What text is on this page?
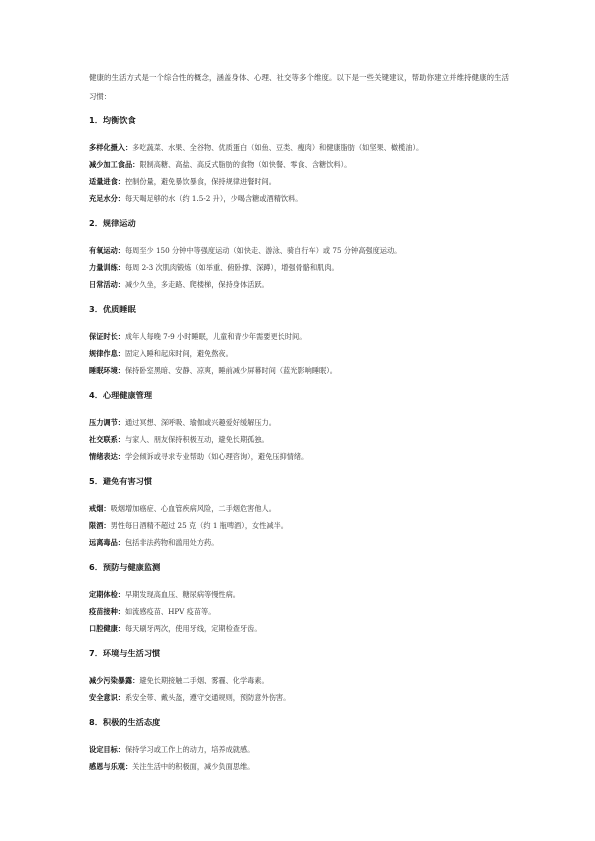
健康的生活方式是一个综合性的概念，涵盖身体、心理、社交等多个维度。以下是一些关键建议，帮助你建立并维持健康的生活习惯：

1．均衡饮食

多样化摄入：多吃蔬菜、水果、全谷物、优质蛋白（如鱼、豆类、瘦肉）和健康脂肪（如坚果、橄榄油）。

减少加工食品：限制高糖、高盐、高反式脂肪的食物（如快餐、零食、含糖饮料）。

适量进食：控制份量，避免暴饮暴食，保持规律进餐时间。

充足水分：每天喝足够的水（约 1.5-2 升），少喝含糖或酒精饮料。

2．规律运动

有氧运动：每周至少 150 分钟中等强度运动（如快走、游泳、骑自行车）或 75 分钟高强度运动。

力量训练：每周 2-3 次肌肉锻炼（如举重、俯卧撑、深蹲），增强骨骼和肌肉。

日常活动：减少久坐，多走路、爬楼梯，保持身体活跃。

3．优质睡眠

保证时长：成年人每晚 7-9 小时睡眠，儿童和青少年需要更长时间。

规律作息：固定入睡和起床时间，避免熬夜。

睡眠环境：保持卧室黑暗、安静、凉爽，睡前减少屏幕时间（蓝光影响睡眠）。

4．心理健康管理

压力调节：通过冥想、深呼吸、瑜伽或兴趣爱好缓解压力。

社交联系：与家人、朋友保持积极互动，避免长期孤独。

情绪表达：学会倾诉或寻求专业帮助（如心理咨询），避免压抑情绪。

5．避免有害习惯

戒烟：吸烟增加癌症、心血管疾病风险，二手烟危害他人。

限酒：男性每日酒精不超过 25 克（约 1 瓶啤酒），女性减半。

远离毒品：包括非法药物和滥用处方药。

6．预防与健康监测

定期体检：早期发现高血压、糖尿病等慢性病。

疫苗接种：如流感疫苗、HPV 疫苗等。

口腔健康：每天刷牙两次，使用牙线，定期检查牙齿。

7．环境与生活习惯

减少污染暴露：避免长期接触二手烟、雾霾、化学毒素。

安全意识：系安全带、戴头盔，遵守交通规则，预防意外伤害。

8．积极的生活态度

设定目标：保持学习或工作上的动力，培养成就感。

感恩与乐观：关注生活中的积极面，减少负面思维。
